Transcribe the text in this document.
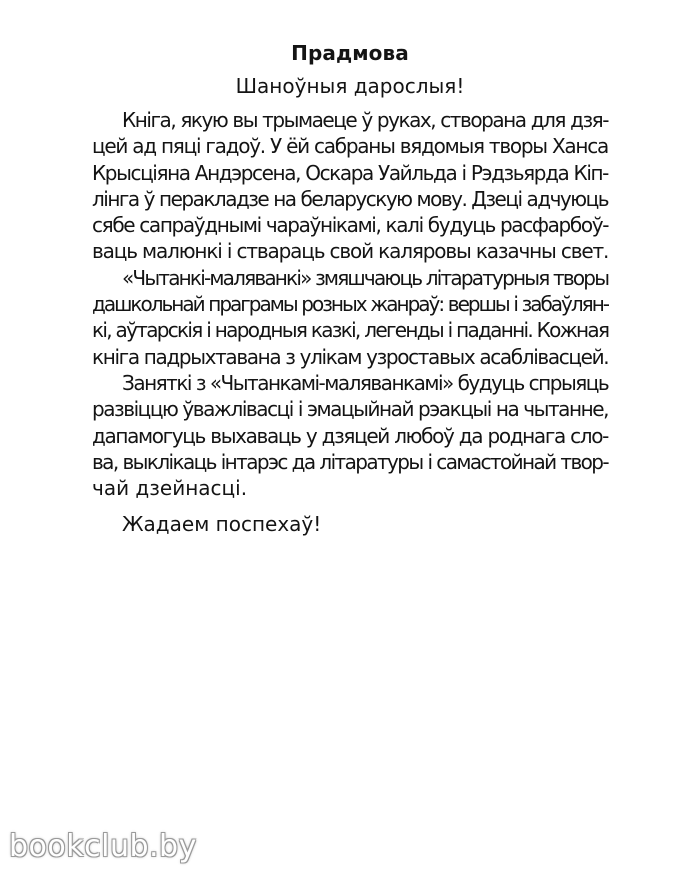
Прадмова
Шаноўныя дарослыя!
Кніга, якую вы трымаеце ў руках, створана для дзя-
цей ад пяці гадоў. У ёй сабраны вядомыя творы Ханса
Крысціяна Андэрсена, Оскара Уайльда і Рэдзьярда Кіп-
лінга ў перакладзе на беларускую мову. Дзеці адчуюць
сябе сапраўднымі чараўнікамі, калі будуць расфарбоў-
ваць малюнкі і ствараць свой каляровы казачны свет.
«Чытанкі-маляванкі» змяшчаюць літаратурныя творы
дашкольнай праграмы розных жанраў: вершы і забаўлян-
кі, аўтарскія і народныя казкі, легенды і паданні. Кожная
кніга падрыхтавана з улікам узроставых асаблівасцей.
Заняткі з «Чытанкамі-маляванкамі» будуць спрыяць
развіццю ўважлівасці і эмацыйнай рэакцыі на чытанне,
дапамогуць выхаваць у дзяцей любоў да роднага сло-
ва, выклікаць інтарэс да літаратуры і самастойнай твор-
чай дзейнасці.
Жадаем поспехаў!
bookclub.by
